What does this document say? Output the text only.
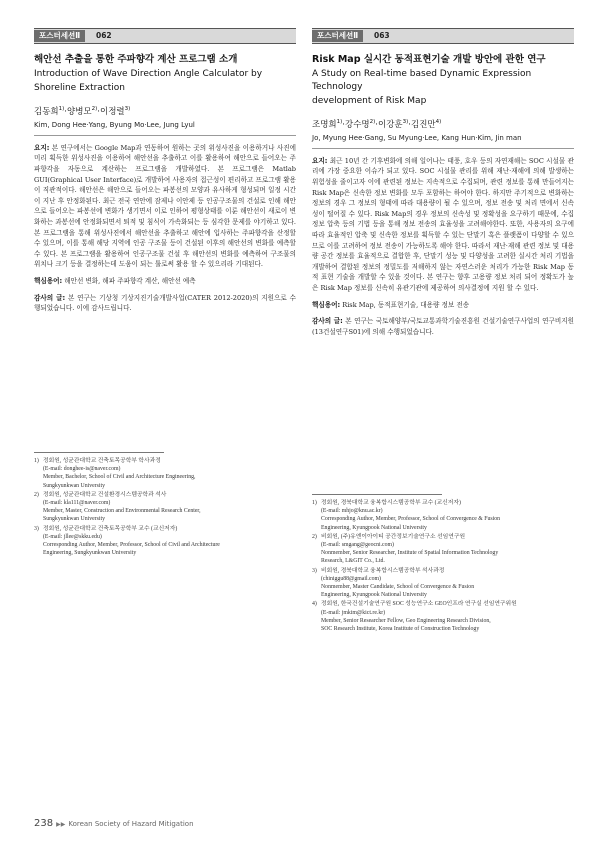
포스터세션Ⅱ	062
해안선 추출을 통한 주파향각 계산 프로그램 소개
Introduction of Wave Direction Angle Calculator by
Shoreline Extraction
김동희$^{1)}$·양병모$^{2)}$·이정렬$^{3)}$
Kim, Dong Hee·Yang, Byung Mo·Lee, Jung Lyul
요지: 본 연구에서는 Google Map과 연동하여 원하는 곳의 위성사진을 이용하거나 사진에 미리 획득한 위성사진을 이용하여 해안선을 추출하고 이를 활용하여 해안으로 들어오는 주파향각을 자동으로 계산하는 프로그램을 개발하였다. 본 프로그램은 Matlab GUI(Graphical User Interface)로 개발하여 사용자의 접근성이 편리하고 프로그램 활용이 직관적이다. 해안선은 해안으로 들어오는 파봉선의 모양과 유사하게 형성되며 일정 시간이 지난 후 안정화된다. 최근 전국 연안에 잠제나 이안제 등 인공구조물의 건설로 인해 해안으로 들어오는 파봉선에 변화가 생기면서 이로 인하여 평형상태를 이룬 해안선이 새로이 변화하는 과봉선에 안정화되면서 퇴적 및 침식이 가속화되는 등 심각한 문제를 야기하고 있다. 본 프로그램을 통해 위성사진에서 해안선을 추출하고 해안에 입사하는 주파향각을 산정할 수 있으며, 이를 통해 해당 지역에 인공 구조물 등이 건설된 이후의 해안선의 변화를 예측할 수 있다. 본 프로그램을 활용하여 인공구조물 건설 후 해안선의 변화를 예측하여 구조물의 위치나 크기 등을 결정하는데 도움이 되는 툴로써 활용 할 수 있으리라 기대된다.
핵심용어: 해안선 변화, 해파 주파향각 계산, 해안선 예측
감사의 글: 본 연구는 기상청 기상지진기술개발사업(CATER 2012-2020)의 지원으로 수행되었습니다. 이에 감사드립니다.
1) 정회원, 성균관대학교 건축토목공학부 학사과정
(E-mail: donghee-is@naver.com)
Member, Bachelor, School of Civil and Architecture Engineering,
Sungkyunkwan University
2) 정회원, 성균관대학교 건설환경시스템공학과 석사
(E-mail: kla111@naver.com)
Member, Master, Construction and Environmental Research Center,
Sungkyunkwan University
3) 정회원, 성균관대학교 건축토목공학부 교수 (교신저자)
(E-mail: jllee@skku.edu)
Corresponding Author, Member, Professor, School of Civil and Architecture
Engineering, Sungkyunkwan University
포스터세션Ⅱ	063
Risk Map 실시간 동적표현기술 개발 방안에 관한 연구
A Study on Real-time based Dynamic Expression Technology
development of Risk Map
조명희$^{1)}$·강수명$^{2)}$·이강훈$^{3)}$·김진만$^{4)}$
Jo, Myung Hee·Gang, Su Myung·Lee, Kang Hun·Kim, Jin man
요지: 최근 10년 간 기후변화에 의해 일어나는 태풍, 호우 등의 자연재해는 SOC 시설물 관리에 가장 중요한 이슈가 되고 있다. SOC 시설물 관리를 위해 재난·재해에 의해 발생하는 위험성을 줄이고자 이에 관련된 정보는 지속적으로 수집되며, 관련 정보를 통해 만들어지는 Risk Map은 신속한 정보 변화를 모두 포함하는 하여야 한다. 하지만 주기적으로 변화하는 정보의 경우 그 정보의 형태에 따라 대용량이 될 수 있으며, 정보 전송 및 처리 면에서 신속성이 떨어질 수 있다. Risk Map의 경우 정보의 신속성 및 정확성을 요구하기 때문에, 수집 정보 압축 등의 기법 등을 통해 정보 전송의 효율성을 고려해야한다. 또한, 사용자의 요구에 따라 효율적인 압축 및 신속한 정보를 획득할 수 있는 단말기 혹은 플랫폼이 다양할 수 있으므로 이를 고려하여 정보 전송이 가능하도록 해야 한다. 따라서 재난·재해 관련 정보 및 대용량 공간 정보를 효율적으로 결합한 후, 단말기 성능 및 다양성을 고려한 실시간 처리 기법을 개발하여 결합된 정보의 정밀도를 저해하지 않는 자연스러운 처리가 가능한 Risk Map 동적 표현 기술을 개발할 수 있을 것이다. 본 연구는 향후 고용량 정보 처리 되어 정확도가 높은 Risk Map 정보를 신속히 유관기관에 제공하여 의사결정에 지원 할 수 있다.
핵심용어: Risk Map, 동적표현기술, 대용량 정보 전송
감사의 글: 본 연구는 국토해양부/국토교통과학기술진흥원 건설기술연구사업의 연구비지원(13건설연구S01)에 의해 수행되었습니다.
1) 정회원, 경북대학교 융복합시스템공학부 교수 (교신저자)
(E-mail: mhjo@knu.ac.kr)
Corresponding Author, Member, Professor, School of Convergence & Fusion
Engineering, Kyungpook National University
2) 비회원, (주)유엔이아이티 공간정보기술연구소 선임연구원
(E-mail: smgang@geocni.com)
Nonmember, Senior Researcher, Institute of Spatial Information Technology
Research, L&GIT Co., Ltd.
3) 비회원, 경북대학교 융복합시스템공학부 석사과정
(chiniggu88@gmail.com)
Nonmember, Master Candidate, School of Convergence & Fusion
Engineering, Kyungpook National University
4) 정회원, 한국건설기술연구원 SOC 성능연구소 GEO인프라 연구실 선임연구위원
(E-mail: jmkim@kict.re.kr)
Member, Senior Researcher Fellow, Geo Engineering Research Division,
SOC Research Institute, Korea Institute of Construction Technology
238 ▶▶ Korean Society of Hazard Mitigation
